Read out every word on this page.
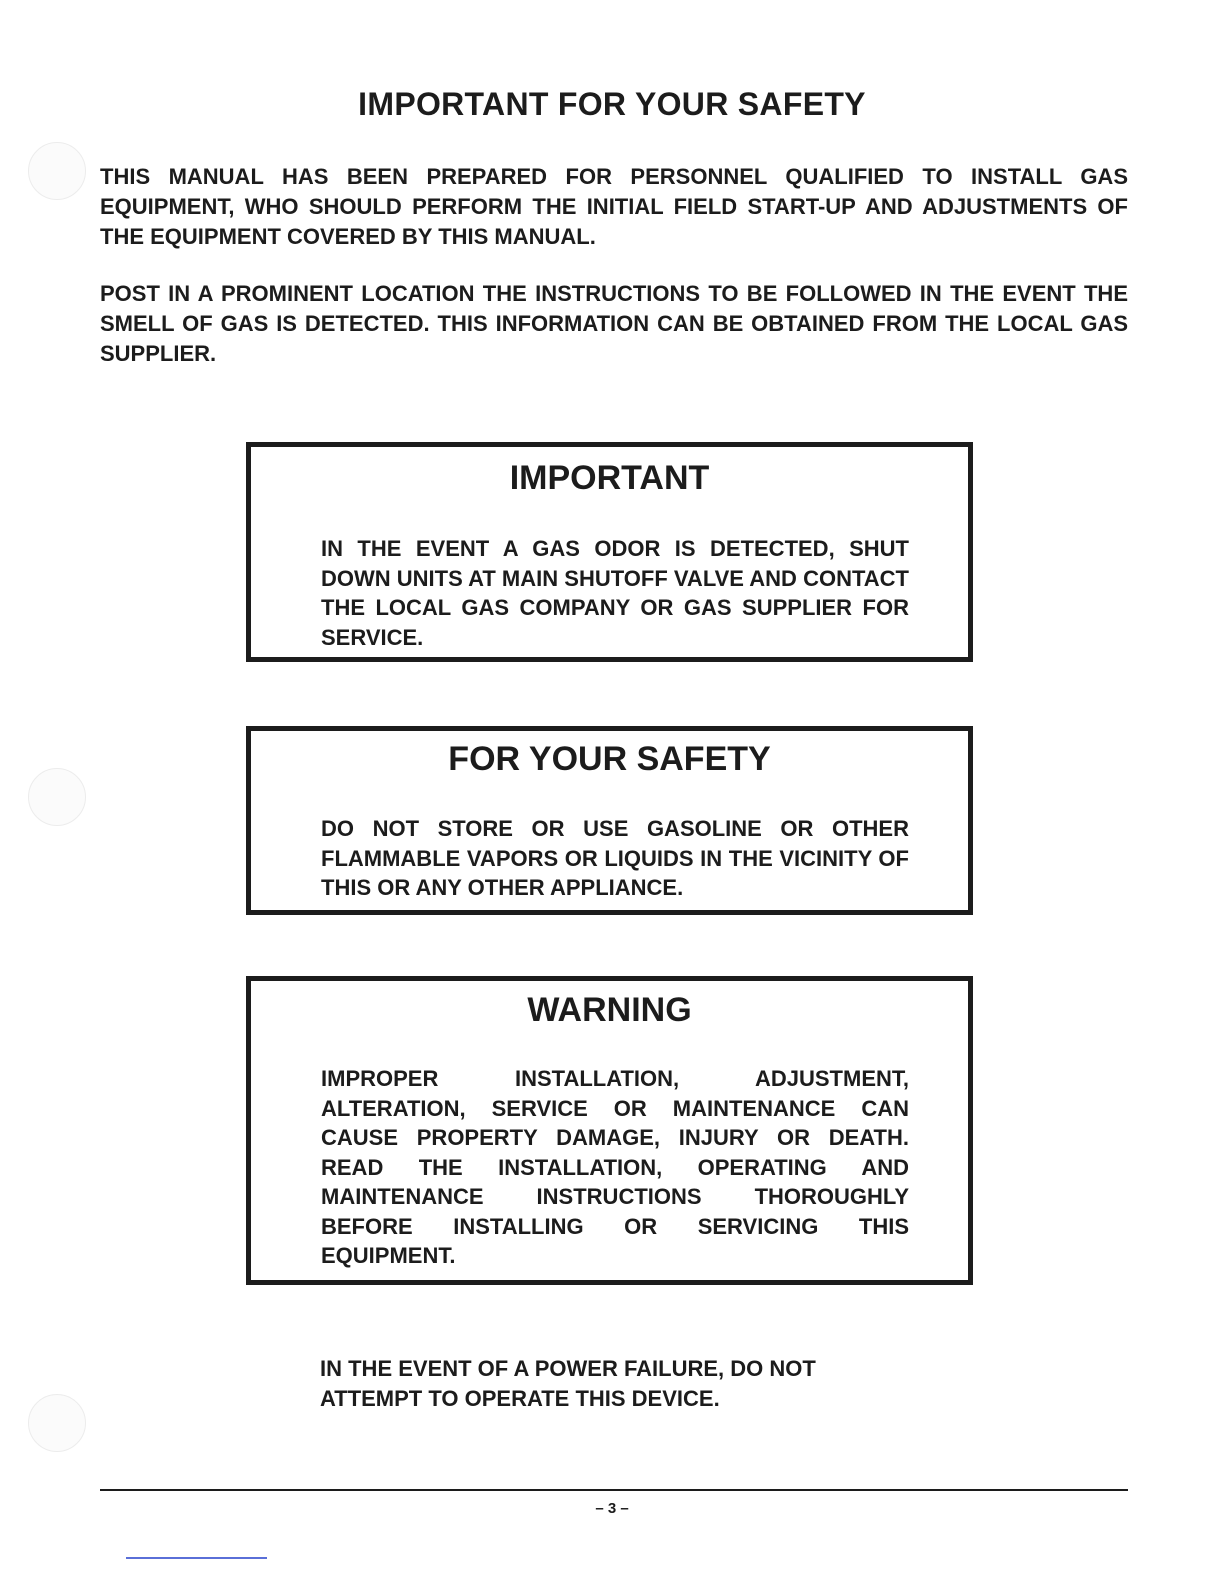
IMPORTANT FOR YOUR SAFETY

THIS MANUAL HAS BEEN PREPARED FOR PERSONNEL QUALIFIED TO INSTALL GAS EQUIPMENT, WHO SHOULD PERFORM THE INITIAL FIELD START-UP AND ADJUSTMENTS OF THE EQUIPMENT COVERED BY THIS MANUAL.

POST IN A PROMINENT LOCATION THE INSTRUCTIONS TO BE FOLLOWED IN THE EVENT THE SMELL OF GAS IS DETECTED. THIS INFORMATION CAN BE OBTAINED FROM THE LOCAL GAS SUPPLIER.

IMPORTANT

IN THE EVENT A GAS ODOR IS DETECTED, SHUT DOWN UNITS AT MAIN SHUTOFF VALVE AND CONTACT THE LOCAL GAS COMPANY OR GAS SUPPLIER FOR SERVICE.

FOR YOUR SAFETY

DO NOT STORE OR USE GASOLINE OR OTHER FLAMMABLE VAPORS OR LIQUIDS IN THE VICINITY OF THIS OR ANY OTHER APPLIANCE.

WARNING

IMPROPER INSTALLATION, ADJUSTMENT, ALTERATION, SERVICE OR MAINTENANCE CAN CAUSE PROPERTY DAMAGE, INJURY OR DEATH. READ THE INSTALLATION, OPERATING AND MAINTENANCE INSTRUCTIONS THOROUGHLY BEFORE INSTALLING OR SERVICING THIS EQUIPMENT.

IN THE EVENT OF A POWER FAILURE, DO NOT ATTEMPT TO OPERATE THIS DEVICE.

– 3 –
